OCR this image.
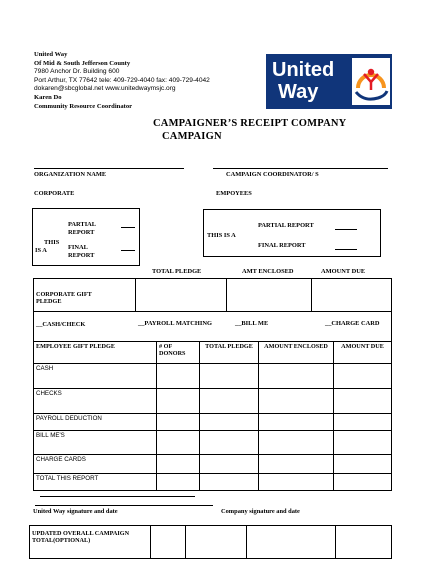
United Way
Of Mid & South Jefferson County
7980 Anchor Dr. Building 600
Port Arthur, TX 77642 tele: 409-729-4040 fax: 409-729-4042
dokaren@sbcglobal.net www.unitedwaymsjc.org
Karen Do
Community Resource Coordinator
United
Way
CAMPAIGNER’S RECEIPT COMPANY
CAMPAIGN
ORGANIZATION NAME	CAMPAIGN COORDINATOR/ S
CORPORATE	EMPOYEES
PARTIAL
REPORT
THIS
IS A	FINAL
REPORT
PARTIAL REPORT
THIS IS A
FINAL REPORT
TOTAL PLEDGE	AMT ENCLOSED	AMOUNT DUE
CORPORATE GIFT
PLEDGE

__CASH/CHECK	__PAYROLL MATCHING	__BILL ME	__CHARGE CARD
EMPLOYEE GIFT PLEDGE	# OF DONORS	TOTAL PLEDGE	AMOUNT ENCLOSED	AMOUNT DUE
CASH				
CHECKS				
PAYROLL DEDUCTION				
BILL ME'S				
CHARGE CARDS				
TOTAL THIS REPORT				
United Way signature and date	Company signature and date
UPDATED OVERALL CAMPAIGN
TOTAL(OPTIONAL)
